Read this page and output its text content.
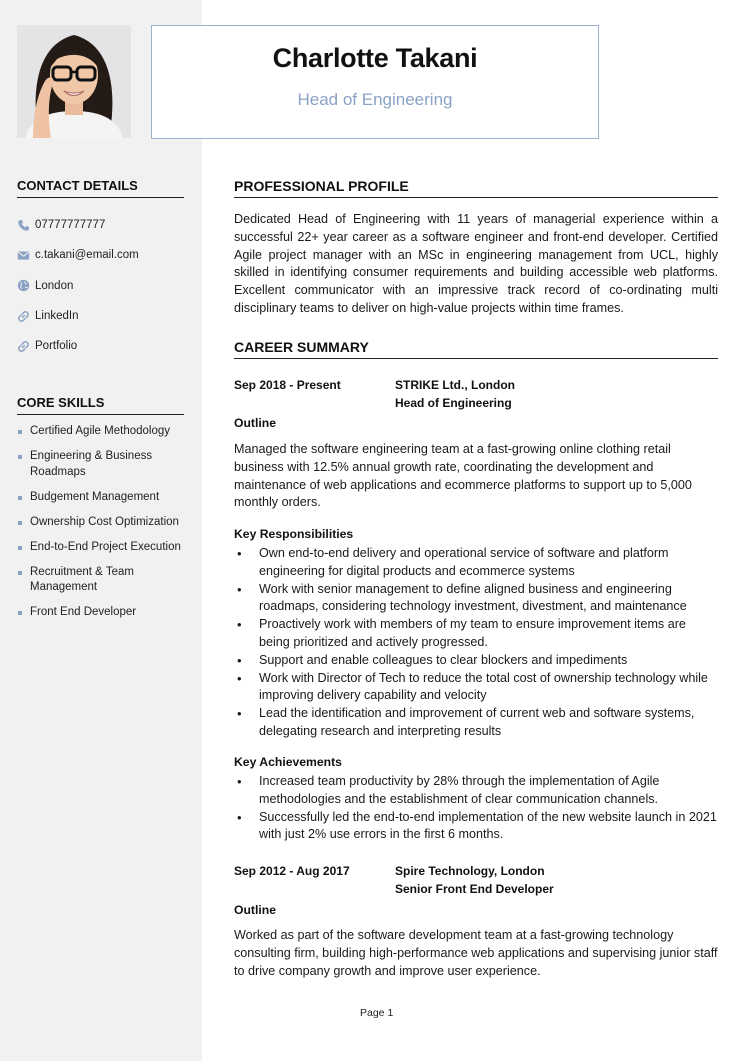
Charlotte Takani
Head of Engineering
CONTACT DETAILS
07777777777
c.takani@email.com
London
LinkedIn
Portfolio
CORE SKILLS
Certified Agile Methodology
Engineering & Business Roadmaps
Budgement Management
Ownership Cost Optimization
End-to-End Project Execution
Recruitment & Team Management
Front End Developer
PROFESSIONAL PROFILE
Dedicated Head of Engineering with 11 years of managerial experience within a successful 22+ year career as a software engineer and front-end developer. Certified Agile project manager with an MSc in engineering management from UCL, highly skilled in identifying consumer requirements and building accessible web platforms. Excellent communicator with an impressive track record of co-ordinating multi disciplinary teams to deliver on high-value projects within time frames.
CAREER SUMMARY
Sep 2018 - Present	STRIKE Ltd., London
Head of Engineering
Outline
Managed the software engineering team at a fast-growing online clothing retail business with 12.5% annual growth rate, coordinating the development and maintenance of web applications and ecommerce platforms to support up to 5,000 monthly orders.
Key Responsibilities
• Own end-to-end delivery and operational service of software and platform engineering for digital products and ecommerce systems
• Work with senior management to define aligned business and engineering roadmaps, considering technology investment, divestment, and maintenance
• Proactively work with members of my team to ensure improvement items are being prioritized and actively progressed.
• Support and enable colleagues to clear blockers and impediments
• Work with Director of Tech to reduce the total cost of ownership technology while improving delivery capability and velocity
• Lead the identification and improvement of current web and software systems, delegating research and interpreting results
Key Achievements
• Increased team productivity by 28% through the implementation of Agile methodologies and the establishment of clear communication channels.
• Successfully led the end-to-end implementation of the new website launch in 2021 with just 2% use errors in the first 6 months.
Sep 2012 - Aug 2017	Spire Technology, London
Senior Front End Developer
Outline
Worked as part of the software development team at a fast-growing technology consulting firm, building high-performance web applications and supervising junior staff to drive company growth and improve user experience.
Page 1
